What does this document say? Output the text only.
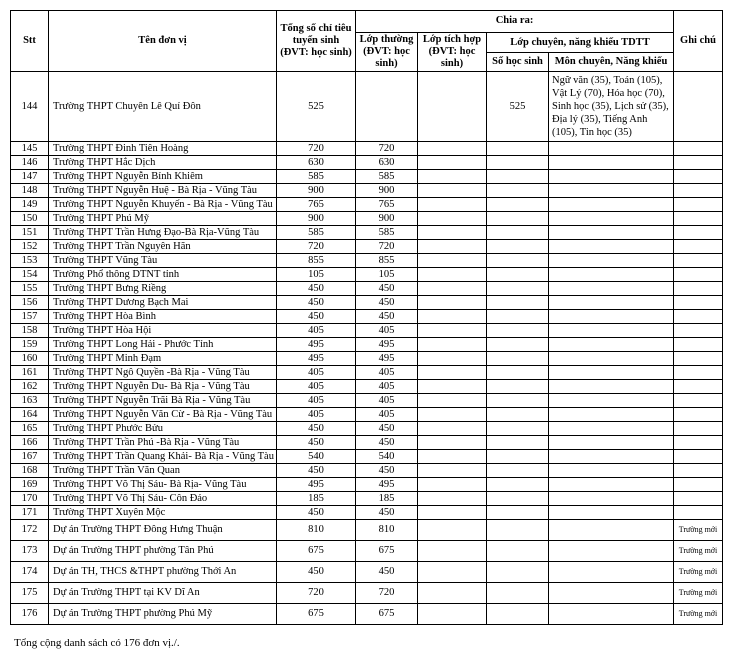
Stt	Tên đơn vị	Tổng số chỉ tiêu tuyển sinh (ĐVT: học sinh)	Chia ra:				Ghi chú
			Lớp thường (ĐVT: học sinh)	Lớp tích hợp (ĐVT: học sinh)	Lớp chuyên, năng khiếu TDTT		
					Số học sinh	Môn chuyên, Năng khiếu	
144	Trường THPT Chuyên Lê Quí Đôn	525			525	Ngữ văn (35), Toán (105), Vật Lý (70), Hóa học (70), Sinh học (35), Lịch sử (35), Địa lý (35), Tiếng Anh (105), Tin học (35)	
145	Trường THPT Đinh Tiên Hoàng	720	720				
146	Trường THPT Hắc Dịch	630	630				
147	Trường THPT Nguyễn Bỉnh Khiêm	585	585				
148	Trường THPT Nguyễn Huệ - Bà Rịa - Vũng Tàu	900	900				
149	Trường THPT Nguyễn Khuyến - Bà Rịa - Vũng Tàu	765	765				
150	Trường THPT Phú Mỹ	900	900				
151	Trường THPT Trần Hưng Đạo-Bà Rịa-Vũng Tàu	585	585				
152	Trường THPT Trần Nguyên Hãn	720	720				
153	Trường THPT Vũng Tàu	855	855				
154	Trường Phổ thông DTNT tỉnh	105	105				
155	Trường THPT Bưng Riềng	450	450				
156	Trường THPT Dương Bạch Mai	450	450				
157	Trường THPT Hòa Bình	450	450				
158	Trường THPT Hòa Hội	405	405				
159	Trường THPT Long Hải - Phước Tỉnh	495	495				
160	Trường THPT Minh Đạm	495	495				
161	Trường THPT Ngô Quyền -Bà Rịa - Vũng Tàu	405	405				
162	Trường THPT Nguyễn Du- Bà Rịa - Vũng Tàu	405	405				
163	Trường THPT Nguyễn Trãi Bà Rịa - Vũng Tàu	405	405				
164	Trường THPT Nguyễn Văn Cừ - Bà Rịa - Vũng Tàu	405	405				
165	Trường THPT Phước Bửu	450	450				
166	Trường THPT Trần Phú -Bà Rịa - Vũng Tàu	450	450				
167	Trường THPT Trần Quang Khải- Bà Rịa - Vũng Tàu	540	540				
168	Trường THPT Trần Văn Quan	450	450				
169	Trường THPT Võ Thị Sáu- Bà Rịa- Vũng Tàu	495	495				
170	Trường THPT Võ Thị Sáu- Côn Đảo	185	185				
171	Trường THPT Xuyên Mộc	450	450				
172	Dự án Trường THPT Đông Hưng Thuận	810	810				Trường mới
173	Dự án Trường THPT phường Tân Phú	675	675				Trường mới
174	Dự án TH, THCS &THPT phường Thới An	450	450				Trường mới
175	Dự án Trường THPT tại KV Dĩ An	720	720				Trường mới
176	Dự án Trường THPT phường Phú Mỹ	675	675				Trường mới
Tổng cộng danh sách có 176 đơn vị./.
